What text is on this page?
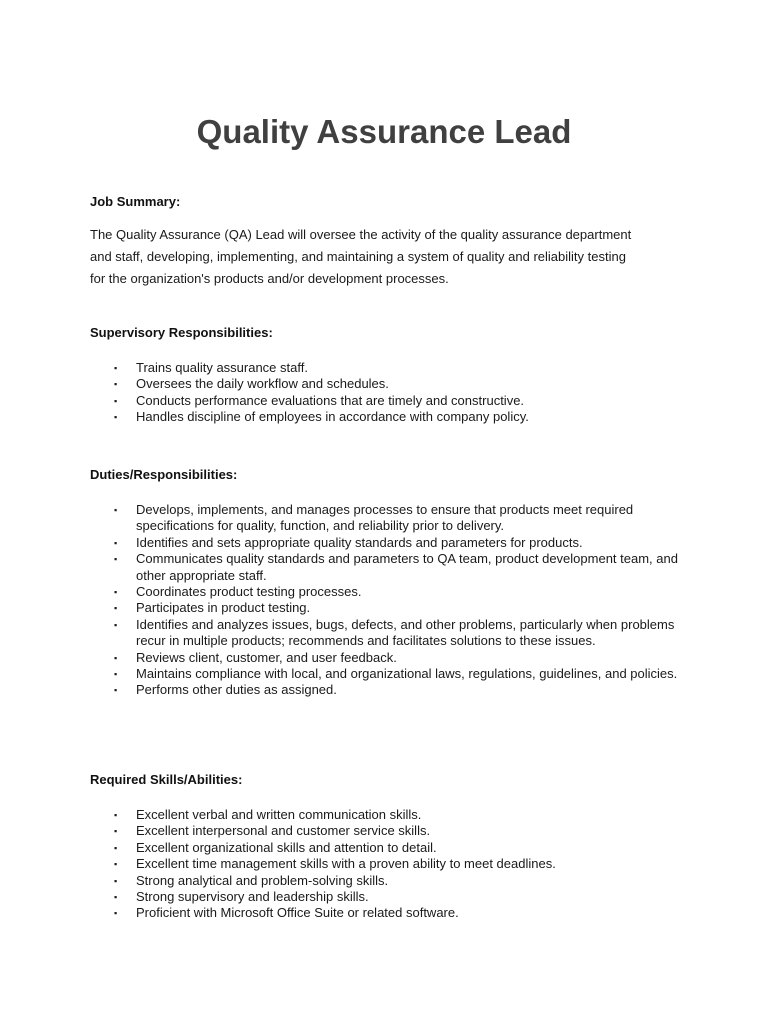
Quality Assurance Lead
Job Summary:

The Quality Assurance (QA) Lead will oversee the activity of the quality assurance department
and staff, developing, implementing, and maintaining a system of quality and reliability testing
for the organization's products and/or development processes.

Supervisory Responsibilities:
▪ Trains quality assurance staff.
▪ Oversees the daily workflow and schedules.
▪ Conducts performance evaluations that are timely and constructive.
▪ Handles discipline of employees in accordance with company policy.
Duties/Responsibilities:
▪ Develops, implements, and manages processes to ensure that products meet required specifications for quality, function, and reliability prior to delivery.
▪ Identifies and sets appropriate quality standards and parameters for products.
▪ Communicates quality standards and parameters to QA team, product development team, and other appropriate staff.
▪ Coordinates product testing processes.
▪ Participates in product testing.
▪ Identifies and analyzes issues, bugs, defects, and other problems, particularly when problems recur in multiple products; recommends and facilitates solutions to these issues.
▪ Reviews client, customer, and user feedback.
▪ Maintains compliance with local, and organizational laws, regulations, guidelines, and policies.
▪ Performs other duties as assigned.
Required Skills/Abilities:
▪ Excellent verbal and written communication skills.
▪ Excellent interpersonal and customer service skills.
▪ Excellent organizational skills and attention to detail.
▪ Excellent time management skills with a proven ability to meet deadlines.
▪ Strong analytical and problem-solving skills.
▪ Strong supervisory and leadership skills.
▪ Proficient with Microsoft Office Suite or related software.
